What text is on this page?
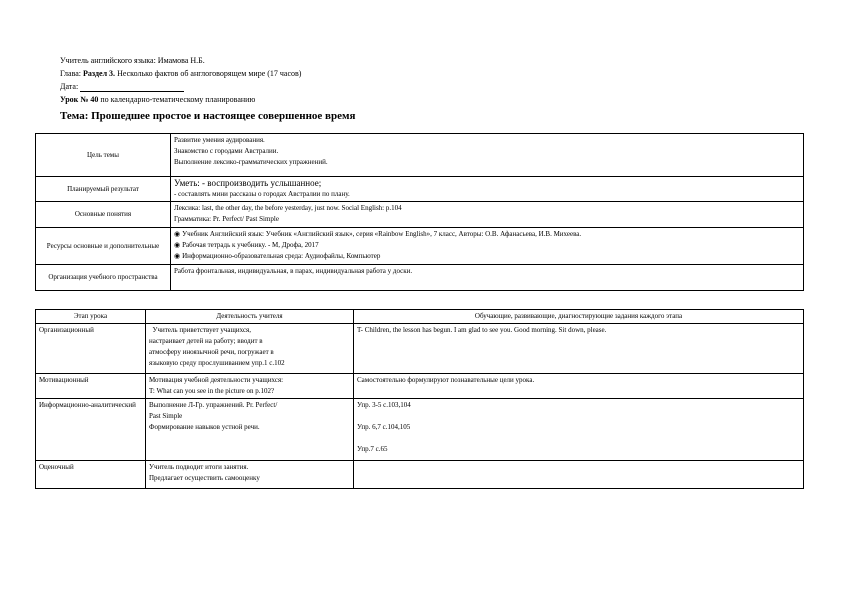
Учитель английского языка: Имамова Н.Б.
Глава: Раздел 3. Несколько фактов об англоговорящем мире (17 часов)
Дата:
Урок № 40 по календарно-тематическому планированию
Тема: Прошедшее простое и настоящее совершенное время
Цель темы	Развитие умения аудирования.
Знакомство с городами Австралии.
Выполнение лексико-грамматических упражнений.

Планируемый результат	Уметь: - воспроизводить услышанное;
- составлять мини рассказы о городах Австралии по плану.

Основные понятия	Лексика: last, the other day, the before yesterday, just now. Social English: p.104
Грамматика: Pr. Perfect/ Past Simple

Ресурсы основные и дополнительные	◉ Учебник Английский язык: Учебник «Английский язык», серия «Rainbow English», 7 класс, Авторы: О.В. Афанасьева, И.В. Михеева.
◉ Рабочая тетрадь к учебнику. - М, Дрофа, 2017
◉ Информационно-образовательная среда: Аудиофайлы, Компьютер

Организация учебного пространства	Работа фронтальная, индивидуальная, в парах, индивидуальная работа у доски.
Этап урока	Деятельность учителя	Обучающие, развивающие, диагностирующие задания каждого этапа
Организационный	Учитель приветствует учащихся,
настраивает детей на работу; вводит в
атмосферу иноязычной речи, погружает в
языковую среду прослушиванием упр.1 с.102	T- Children, the lesson has begun. I am glad to see you. Good morning. Sit down, please.
Мотивационный	Мотивация учебной деятельности учащихся:
T: What can you see in the picture on p.102?	Самостоятельно формулируют познавательные цели урока.
Информационно-аналитический	Выполнение Л-Гр. упражнений. Pr. Perfect/
Past Simple
Формирование навыков устной речи.	Упр. 3-5 с.103,104
Упр. 6,7 с.104,105
Упр.7 с.65

Оценочный	Учитель подводит итоги занятия.
Предлагает осуществить самооценку	
